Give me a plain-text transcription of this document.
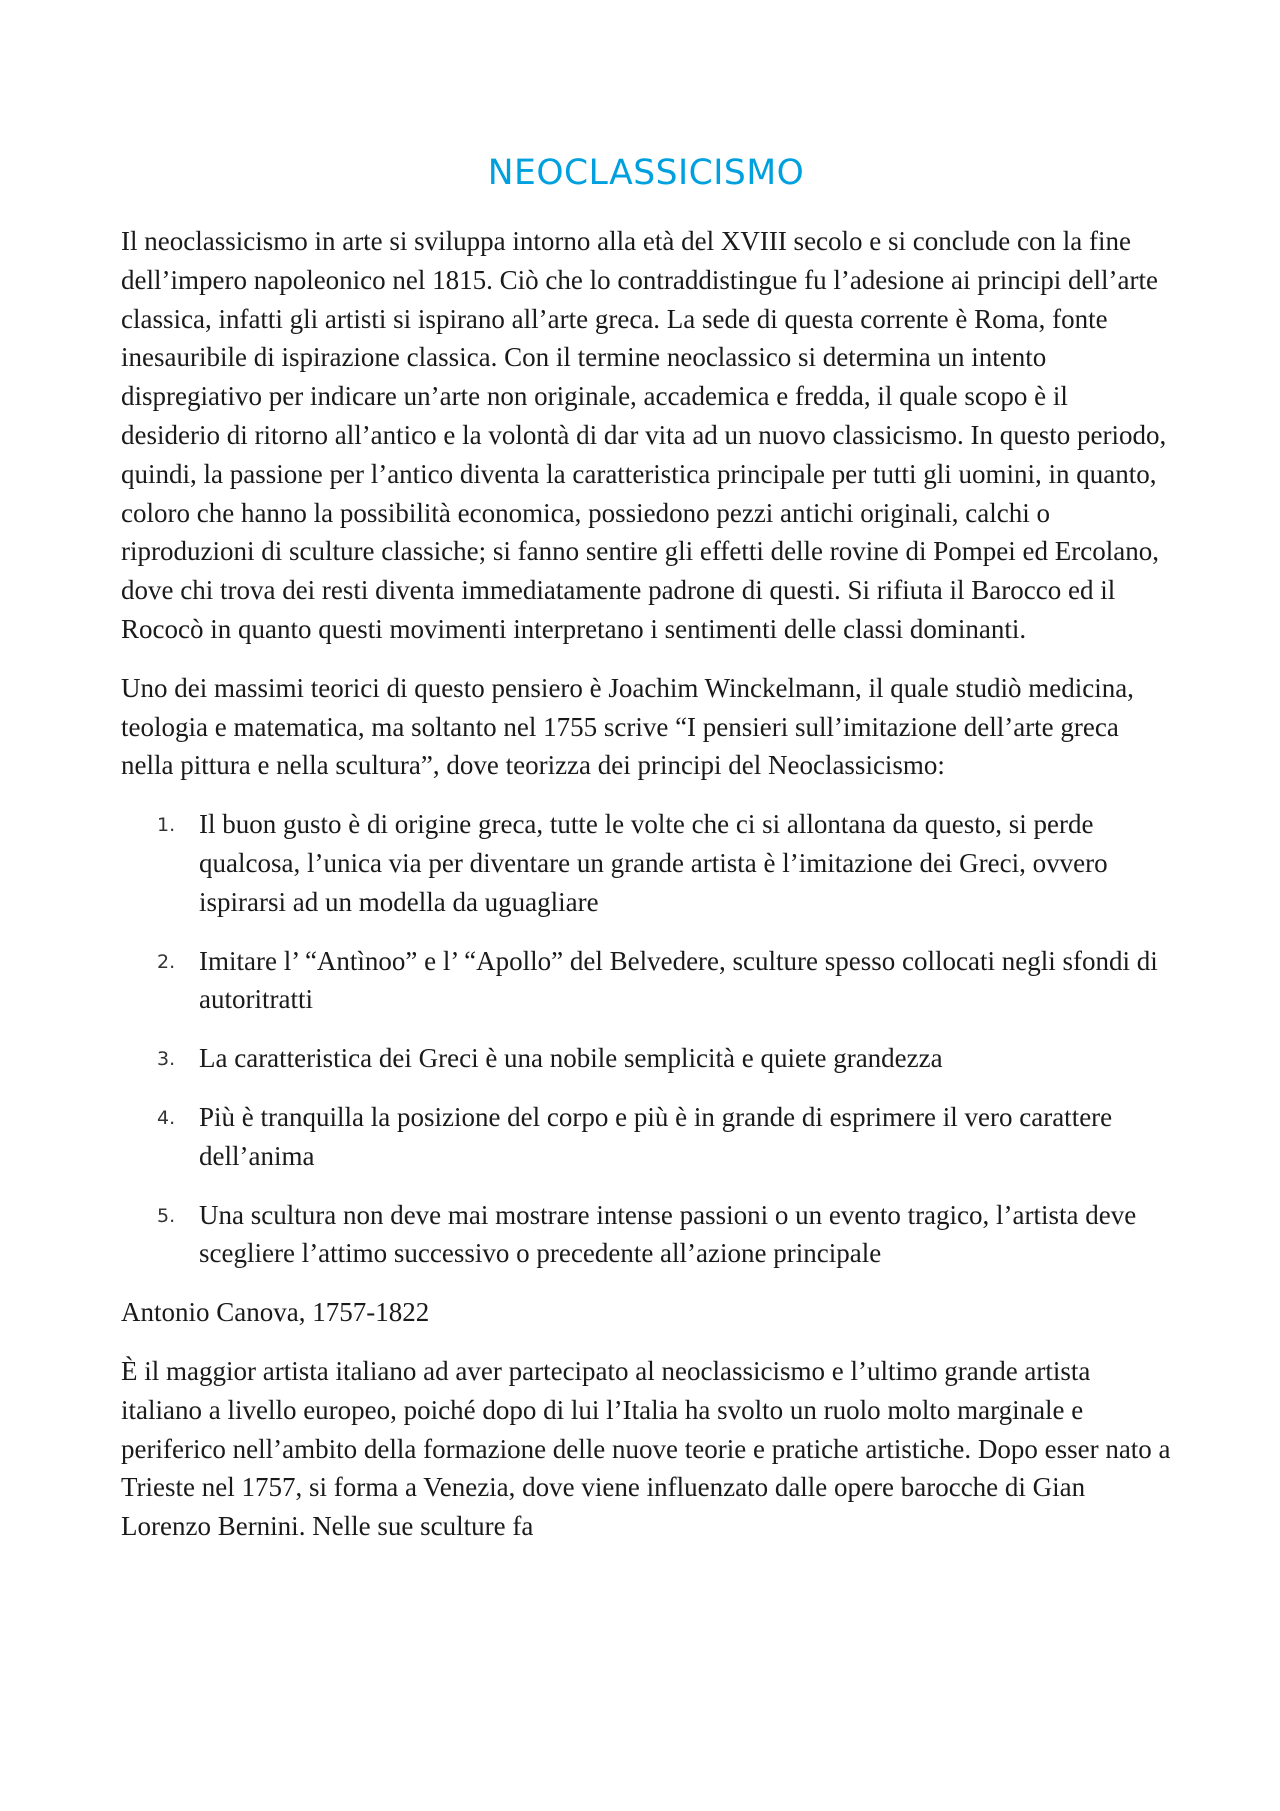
NEOCLASSICISMO

Il neoclassicismo in arte si sviluppa intorno alla età del XVIII secolo e si conclude con la fine dell’impero napoleonico nel 1815. Ciò che lo contraddistingue fu l’adesione ai principi dell’arte classica, infatti gli artisti si ispirano all’arte greca. La sede di questa corrente è Roma, fonte inesauribile di ispirazione classica. Con il termine neoclassico si determina un intento dispregiativo per indicare un’arte non originale, accademica e fredda, il quale scopo è il desiderio di ritorno all’antico e la volontà di dar vita ad un nuovo classicismo. In questo periodo, quindi, la passione per l’antico diventa la caratteristica principale per tutti gli uomini, in quanto, coloro che hanno la possibilità economica, possiedono pezzi antichi originali, calchi o riproduzioni di sculture classiche; si fanno sentire gli effetti delle rovine di Pompei ed Ercolano, dove chi trova dei resti diventa immediatamente padrone di questi. Si rifiuta il Barocco ed il Rococò in quanto questi movimenti interpretano i sentimenti delle classi dominanti.

Uno dei massimi teorici di questo pensiero è Joachim Winckelmann, il quale studiò medicina, teologia e matematica, ma soltanto nel 1755 scrive “I pensieri sull’imitazione dell’arte greca nella pittura e nella scultura”, dove teorizza dei principi del Neoclassicismo:

1. Il buon gusto è di origine greca, tutte le volte che ci si allontana da questo, si perde qualcosa, l’unica via per diventare un grande artista è l’imitazione dei Greci, ovvero ispirarsi ad un modella da uguagliare
2. Imitare l’ “Antìnoo” e l’ “Apollo” del Belvedere, sculture spesso collocati negli sfondi di autoritratti
3. La caratteristica dei Greci è una nobile semplicità e quiete grandezza
4. Più è tranquilla la posizione del corpo e più è in grande di esprimere il vero carattere dell’anima
5. Una scultura non deve mai mostrare intense passioni o un evento tragico, l’artista deve scegliere l’attimo successivo o precedente all’azione principale

Antonio Canova, 1757-1822

È il maggior artista italiano ad aver partecipato al neoclassicismo e l’ultimo grande artista italiano a livello europeo, poiché dopo di lui l’Italia ha svolto un ruolo molto marginale e periferico nell’ambito della formazione delle nuove teorie e pratiche artistiche. Dopo esser nato a Trieste nel 1757, si forma a Venezia, dove viene influenzato dalle opere barocche di Gian Lorenzo Bernini. Nelle sue sculture fa
